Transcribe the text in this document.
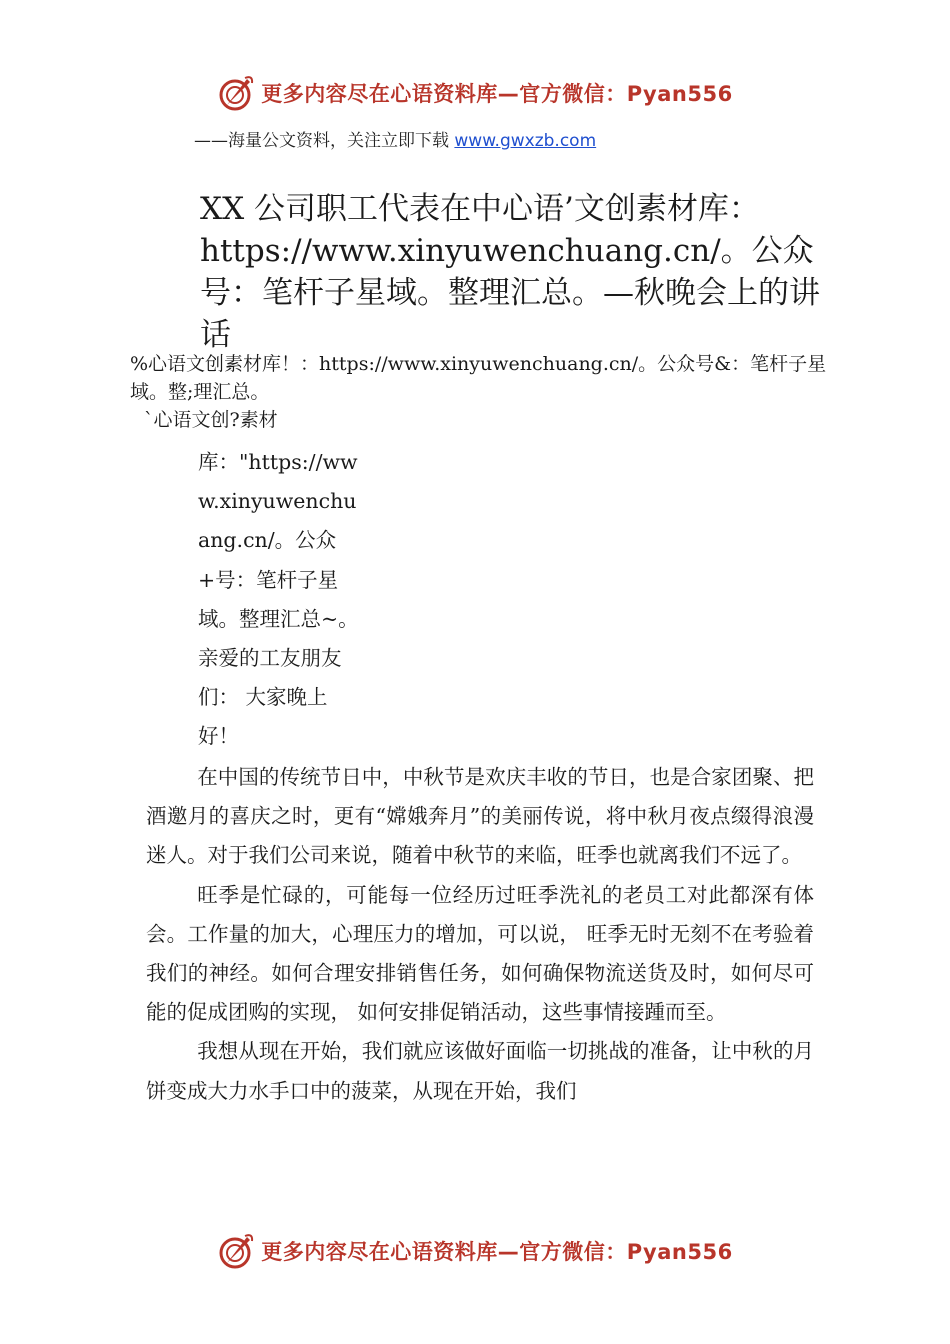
更多内容尽在心语资料库—官方微信：Pyan556
——海量公文资料，关注立即下载 www.gwxzb.com
XX 公司职工代表在中心语’文创素材库：https://www.xinyuwenchuang.cn/。公众号：笔杆子星域。整理汇总。—秋晚会上的讲话

%心语文创素材库！：https://www.xinyuwenchuang.cn/。公众号&：笔杆子星域。整;理汇总。

`心语文创?素材

库："https://www.xinyuwenchuang.cn/。公众+号：笔杆子星域。整理汇总~。亲爱的工友朋友们： 大家晚上好！

在中国的传统节日中，中秋节是欢庆丰收的节日，也是合家团聚、把酒邀月的喜庆之时，更有“嫦娥奔月”的美丽传说，将中秋月夜点缀得浪漫迷人。对于我们公司来说，随着中秋节的来临，旺季也就离我们不远了。

旺季是忙碌的，可能每一位经历过旺季洗礼的老员工对此都深有体会。工作量的加大，心理压力的增加，可以说， 旺季无时无刻不在考验着我们的神经。如何合理安排销售任务，如何确保物流送货及时，如何尽可能的促成团购的实现， 如何安排促销活动，这些事情接踵而至。

我想从现在开始，我们就应该做好面临一切挑战的准备，让中秋的月饼变成大力水手口中的菠菜，从现在开始，我们

更多内容尽在心语资料库—官方微信：Pyan556
